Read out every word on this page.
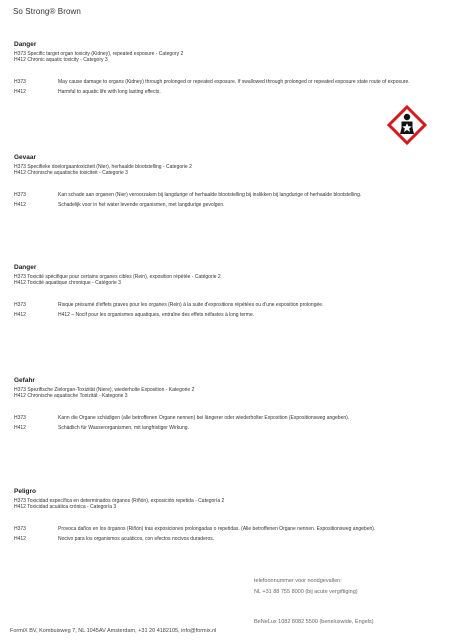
So Strong® Brown
Danger
H373 Specific target organ toxicity (Kidney), repeated exposure - Category 2
H412 Chronic aquatic toxicity - Category 3
H373	May cause damage to organs (Kidney) through prolonged or repeated exposure. If swallowed through prolonged or repeated exposure state route of exposure.
H412	Harmful to aquatic life with long lasting effects.
Gevaar
H373 Specifieke doelorgaantoxiciteit (Nier), herhaalde blootstelling - Categorie 2
H412 Chronische aquatische toxiciteit - Categorie 3
H373	Kan schade aan organen (Nier) veroorzaken bij langdurige of herhaalde blootstelling bij inslikken bij langdurige of herhaalde blootstelling.
H412	Schadelijk voor in het water levende organismen, met langdurige gevolgen.
Danger
H373 Toxicité spécifique pour certains organes cibles (Rein), exposition répétée - Catégorie 2
H412 Toxicité aquatique chronique - Catégorie 3
H373	Risque présumé d'effets graves pour les organes (Rein) à la suite d'expositions répétées ou d'une exposition prolongée.
H412	H412 – Nocif pour les organismes aquatiques, entraîne des effets néfastes à long terme.
Gefahr
H373 Spezifische Zielorgan-Toxizität (Niere), wiederholte Exposition - Kategorie 2
H412 Chronische aquatische Toxizität - Kategorie 3
H373	Kann die Organe schädigen (alle betroffenen Organe nennen) bei längerer oder wiederholter Exposition (Expositionsweg angeben).
H412	Schädlich für Wasserorganismen, mit langfristiger Wirkung.
Peligro
H373 Toxicidad específica en determinados órganos (Riñón), exposición repetida - Categoría 2
H412 Toxicidad acuática crónica - Categoría 3
H373	Provoca daños en los órganos (Riñón) tras exposiciones prolongadas o repetidas. (Alle betroffenen Organe nennen. Expositionsweg angeben).
H412	Nocivo para los organismos acuáticos, con efectos nocivos duraderos.
telefoonnummer voor noodgevallen:
NL +31 88 755 8000 (bij acute vergiftiging)
BeNeLux 1082 8082 5500 (beneluxwide, Engels)
FormiX BV, Kombuisweg 7, NL 1045AV Amsterdam, +31 20 4182105, info@formix.nl
